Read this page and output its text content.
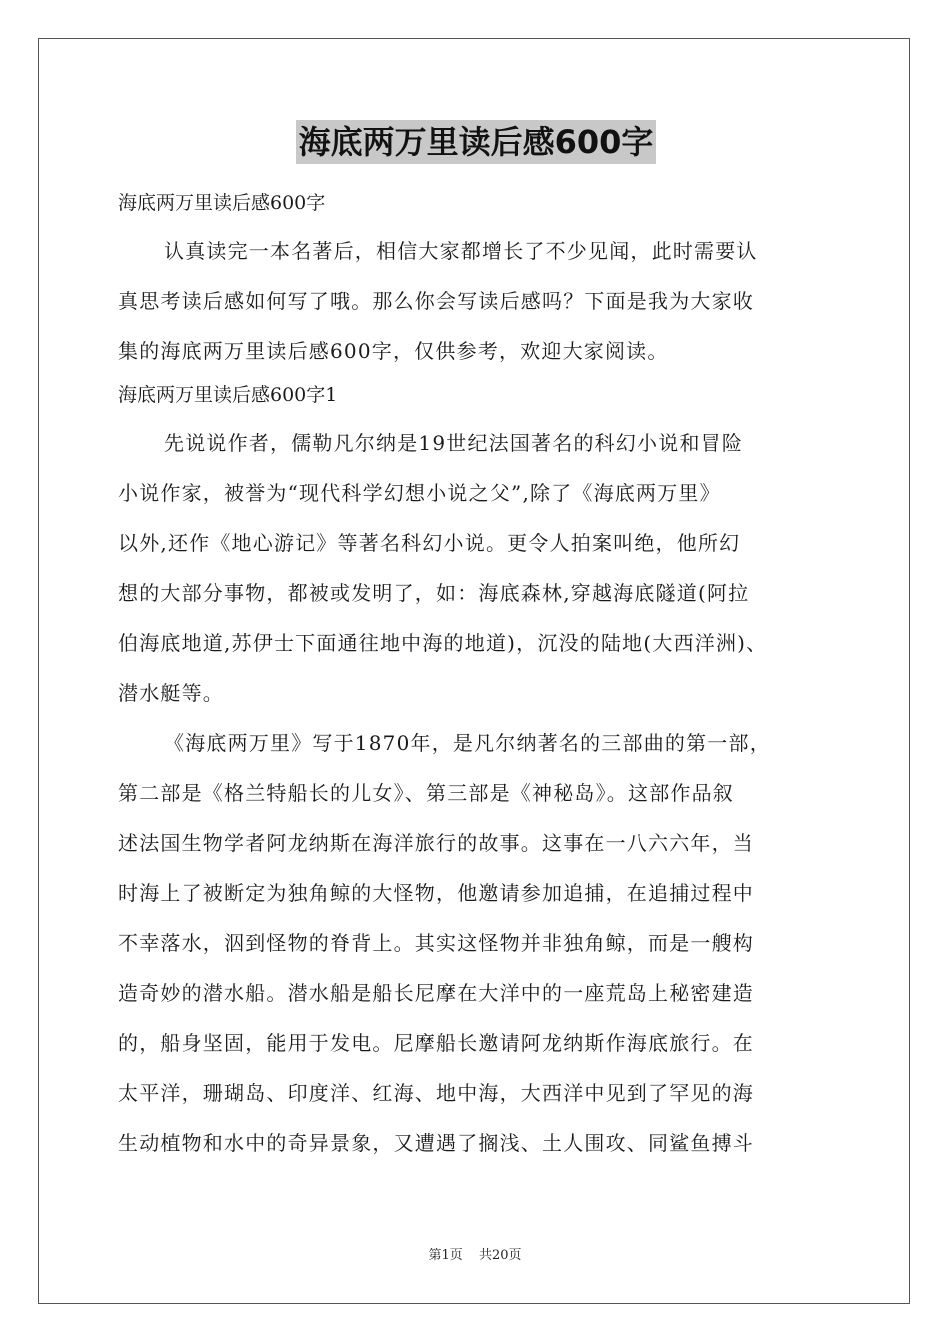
海底两万里读后感600字
海底两万里读后感600字

认真读完一本名著后，相信大家都增长了不少见闻，此时需要认
真思考读后感如何写了哦。那么你会写读后感吗？下面是我为大家收
集的海底两万里读后感600字，仅供参考，欢迎大家阅读。

海底两万里读后感600字1

先说说作者，儒勒凡尔纳是19世纪法国著名的科幻小说和冒险
小说作家，被誉为“现代科学幻想小说之父”,除了《海底两万里》
以外,还作《地心游记》等著名科幻小说。更令人拍案叫绝，他所幻
想的大部分事物，都被或发明了，如：海底森林,穿越海底隧道(阿拉
伯海底地道,苏伊士下面通往地中海的地道)，沉没的陆地(大西洋洲)、
潜水艇等。

《海底两万里》写于1870年，是凡尔纳著名的三部曲的第一部，
第二部是《格兰特船长的儿女》、第三部是《神秘岛》。这部作品叙
述法国生物学者阿龙纳斯在海洋旅行的故事。这事在一八六六年，当
时海上了被断定为独角鲸的大怪物，他邀请参加追捕，在追捕过程中
不幸落水，泅到怪物的脊背上。其实这怪物并非独角鲸，而是一艘构
造奇妙的潜水船。潜水船是船长尼摩在大洋中的一座荒岛上秘密建造
的，船身坚固，能用于发电。尼摩船长邀请阿龙纳斯作海底旅行。在
太平洋，珊瑚岛、印度洋、红海、地中海，大西洋中见到了罕见的海
生动植物和水中的奇异景象，又遭遇了搁浅、土人围攻、同鲨鱼搏斗

第1页 共20页
